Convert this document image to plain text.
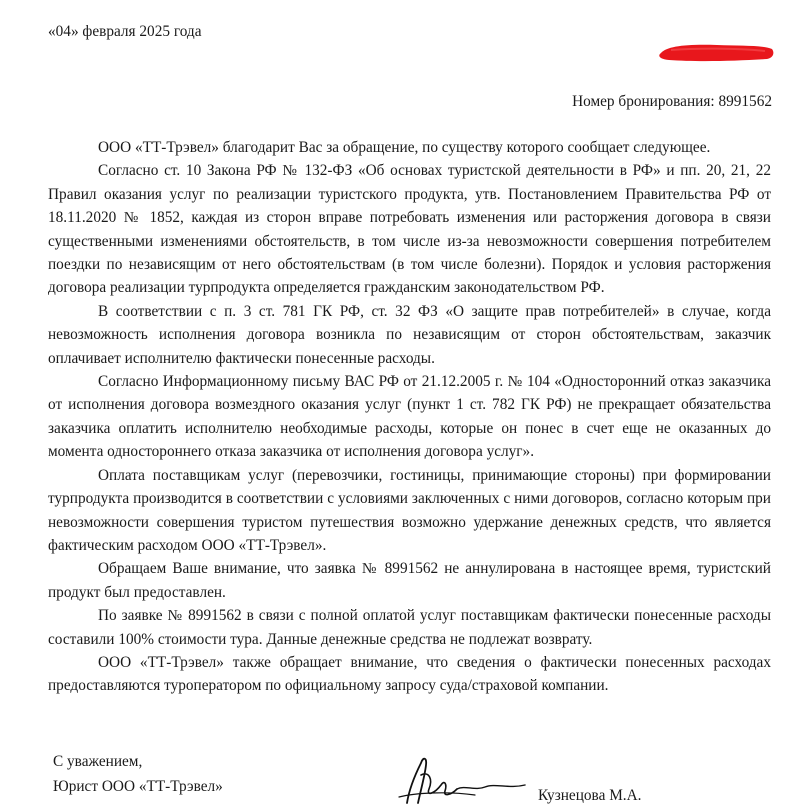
«04» февраля 2025 года
Номер бронирования: 8991562

ООО «ТТ-Трэвел» благодарит Вас за обращение, по существу которого сообщает следующее.

Согласно ст. 10 Закона РФ № 132-ФЗ «Об основах туристской деятельности в РФ» и пп. 20, 21, 22 Правил оказания услуг по реализации туристского продукта, утв. Постановлением Правительства РФ от 18.11.2020 № 1852, каждая из сторон вправе потребовать изменения или расторжения договора в связи существенными изменениями обстоятельств, в том числе из-за невозможности совершения потребителем поездки по независящим от него обстоятельствам (в том числе болезни). Порядок и условия расторжения договора реализации турпродукта определяется гражданским законодательством РФ.

В соответствии с п. 3 ст. 781 ГК РФ, ст. 32 ФЗ «О защите прав потребителей» в случае, когда невозможность исполнения договора возникла по независящим от сторон обстоятельствам, заказчик оплачивает исполнителю фактически понесенные расходы.

Согласно Информационному письму ВАС РФ от 21.12.2005 г. № 104 «Односторонний отказ заказчика от исполнения договора возмездного оказания услуг (пункт 1 ст. 782 ГК РФ) не прекращает обязательства заказчика оплатить исполнителю необходимые расходы, которые он понес в счет еще не оказанных до момента одностороннего отказа заказчика от исполнения договора услуг».

Оплата поставщикам услуг (перевозчики, гостиницы, принимающие стороны) при формировании турпродукта производится в соответствии с условиями заключенных с ними договоров, согласно которым при невозможности совершения туристом путешествия возможно удержание денежных средств, что является фактическим расходом ООО «ТТ-Трэвел».

Обращаем Ваше внимание, что заявка № 8991562 не аннулирована в настоящее время, туристский продукт был предоставлен.

По заявке № 8991562 в связи с полной оплатой услуг поставщикам фактически понесенные расходы составили 100% стоимости тура. Данные денежные средства не подлежат возврату.

ООО «ТТ-Трэвел» также обращает внимание, что сведения о фактически понесенных расходах предоставляются туроператором по официальному запросу суда/страховой компании.

С уважением,
Юрист ООО «ТТ-Трэвел»
Кузнецова М.А.
